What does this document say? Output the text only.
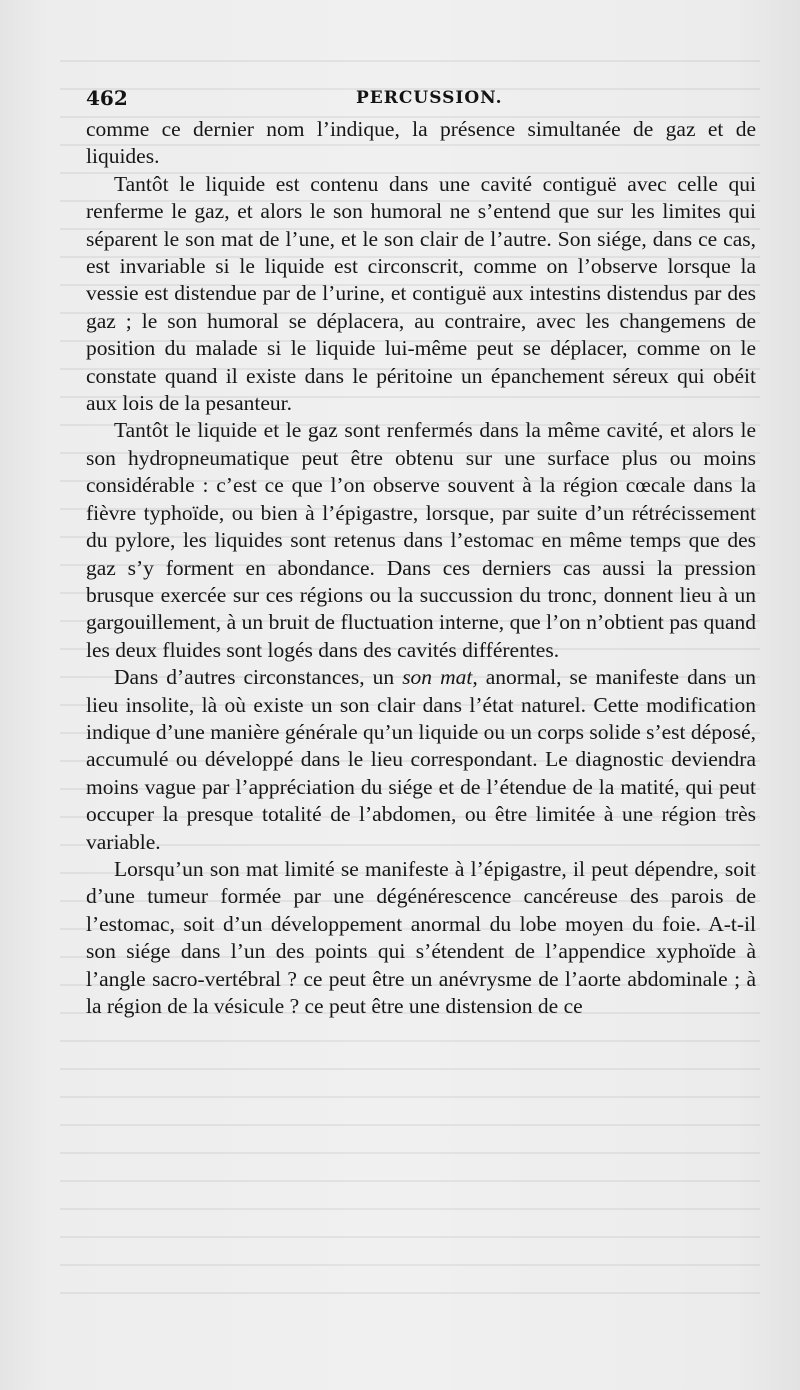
462	PERCUSSION.

comme ce dernier nom l’indique, la présence simultanée de gaz et de liquides.

Tantôt le liquide est contenu dans une cavité contiguë avec celle qui renferme le gaz, et alors le son humoral ne s’entend que sur les limites qui séparent le son mat de l’une, et le son clair de l’autre. Son siége, dans ce cas, est invariable si le liquide est circonscrit, comme on l’observe lorsque la vessie est distendue par de l’urine, et contiguë aux intestins distendus par des gaz ; le son humoral se déplacera, au contraire, avec les changemens de position du malade si le liquide lui-même peut se déplacer, comme on le constate quand il existe dans le péritoine un épanchement séreux qui obéit aux lois de la pesanteur.

Tantôt le liquide et le gaz sont renfermés dans la même cavité, et alors le son hydropneumatique peut être obtenu sur une surface plus ou moins considérable : c’est ce que l’on observe souvent à la région cœcale dans la fièvre typhoïde, ou bien à l’épigastre, lorsque, par suite d’un rétrécissement du pylore, les liquides sont retenus dans l’estomac en même temps que des gaz s’y forment en abondance. Dans ces derniers cas aussi la pression brusque exercée sur ces régions ou la succussion du tronc, donnent lieu à un gargouillement, à un bruit de fluctuation interne, que l’on n’obtient pas quand les deux fluides sont logés dans des cavités différentes.

Dans d’autres circonstances, un son mat, anormal, se manifeste dans un lieu insolite, là où existe un son clair dans l’état naturel. Cette modification indique d’une manière générale qu’un liquide ou un corps solide s’est déposé, accumulé ou développé dans le lieu correspondant. Le diagnostic deviendra moins vague par l’appréciation du siége et de l’étendue de la matité, qui peut occuper la presque totalité de l’abdomen, ou être limitée à une région très variable.

Lorsqu’un son mat limité se manifeste à l’épigastre, il peut dépendre, soit d’une tumeur formée par une dégénérescence cancéreuse des parois de l’estomac, soit d’un développement anormal du lobe moyen du foie. A-t-il son siége dans l’un des points qui s’étendent de l’appendice xyphoïde à l’angle sacro-vertébral ? ce peut être un anévrysme de l’aorte abdominale ; à la région de la vésicule ? ce peut être une distension de ce
